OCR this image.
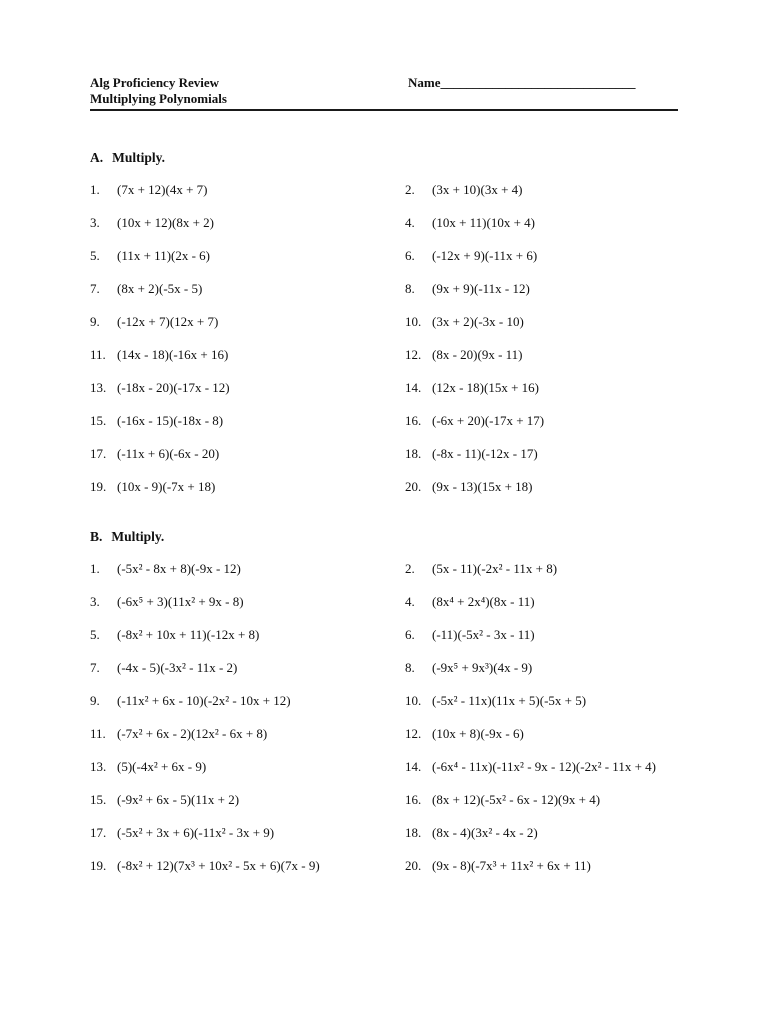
Alg Proficiency Review
Multiplying Polynomials
Name______________________________
A. Multiply.
1. (7x + 12)(4x + 7)	2. (3x + 10)(3x + 4)
3. (10x + 12)(8x + 2)	4. (10x + 11)(10x + 4)
5. (11x + 11)(2x - 6)	6. (-12x + 9)(-11x + 6)
7. (8x + 2)(-5x - 5)	8. (9x + 9)(-11x - 12)
9. (-12x + 7)(12x + 7)	10. (3x + 2)(-3x - 10)
11. (14x - 18)(-16x + 16)	12. (8x - 20)(9x - 11)
13. (-18x - 20)(-17x - 12)	14. (12x - 18)(15x + 16)
15. (-16x - 15)(-18x - 8)	16. (-6x + 20)(-17x + 17)
17. (-11x + 6)(-6x - 20)	18. (-8x - 11)(-12x - 17)
19. (10x - 9)(-7x + 18)	20. (9x - 13)(15x + 18)
B. Multiply.
1. (-5x² - 8x + 8)(-9x - 12)	2. (5x - 11)(-2x² - 11x + 8)
3. (-6x⁵ + 3)(11x² + 9x - 8)	4. (8x⁴ + 2x⁴)(8x - 11)
5. (-8x² + 10x + 11)(-12x + 8)	6. (-11)(-5x² - 3x - 11)
7. (-4x - 5)(-3x² - 11x - 2)	8. (-9x⁵ + 9x³)(4x - 9)
9. (-11x² + 6x - 10)(-2x² - 10x + 12)	10. (-5x² - 11x)(11x + 5)(-5x + 5)
11. (-7x² + 6x - 2)(12x² - 6x + 8)	12. (10x + 8)(-9x - 6)
13. (5)(-4x² + 6x - 9)	14. (-6x⁴ - 11x)(-11x² - 9x - 12)(-2x² - 11x + 4)
15. (-9x² + 6x - 5)(11x + 2)	16. (8x + 12)(-5x² - 6x - 12)(9x + 4)
17. (-5x² + 3x + 6)(-11x² - 3x + 9)	18. (8x - 4)(3x² - 4x - 2)
19. (-8x² + 12)(7x³ + 10x² - 5x + 6)(7x - 9)	20. (9x - 8)(-7x³ + 11x² + 6x + 11)
